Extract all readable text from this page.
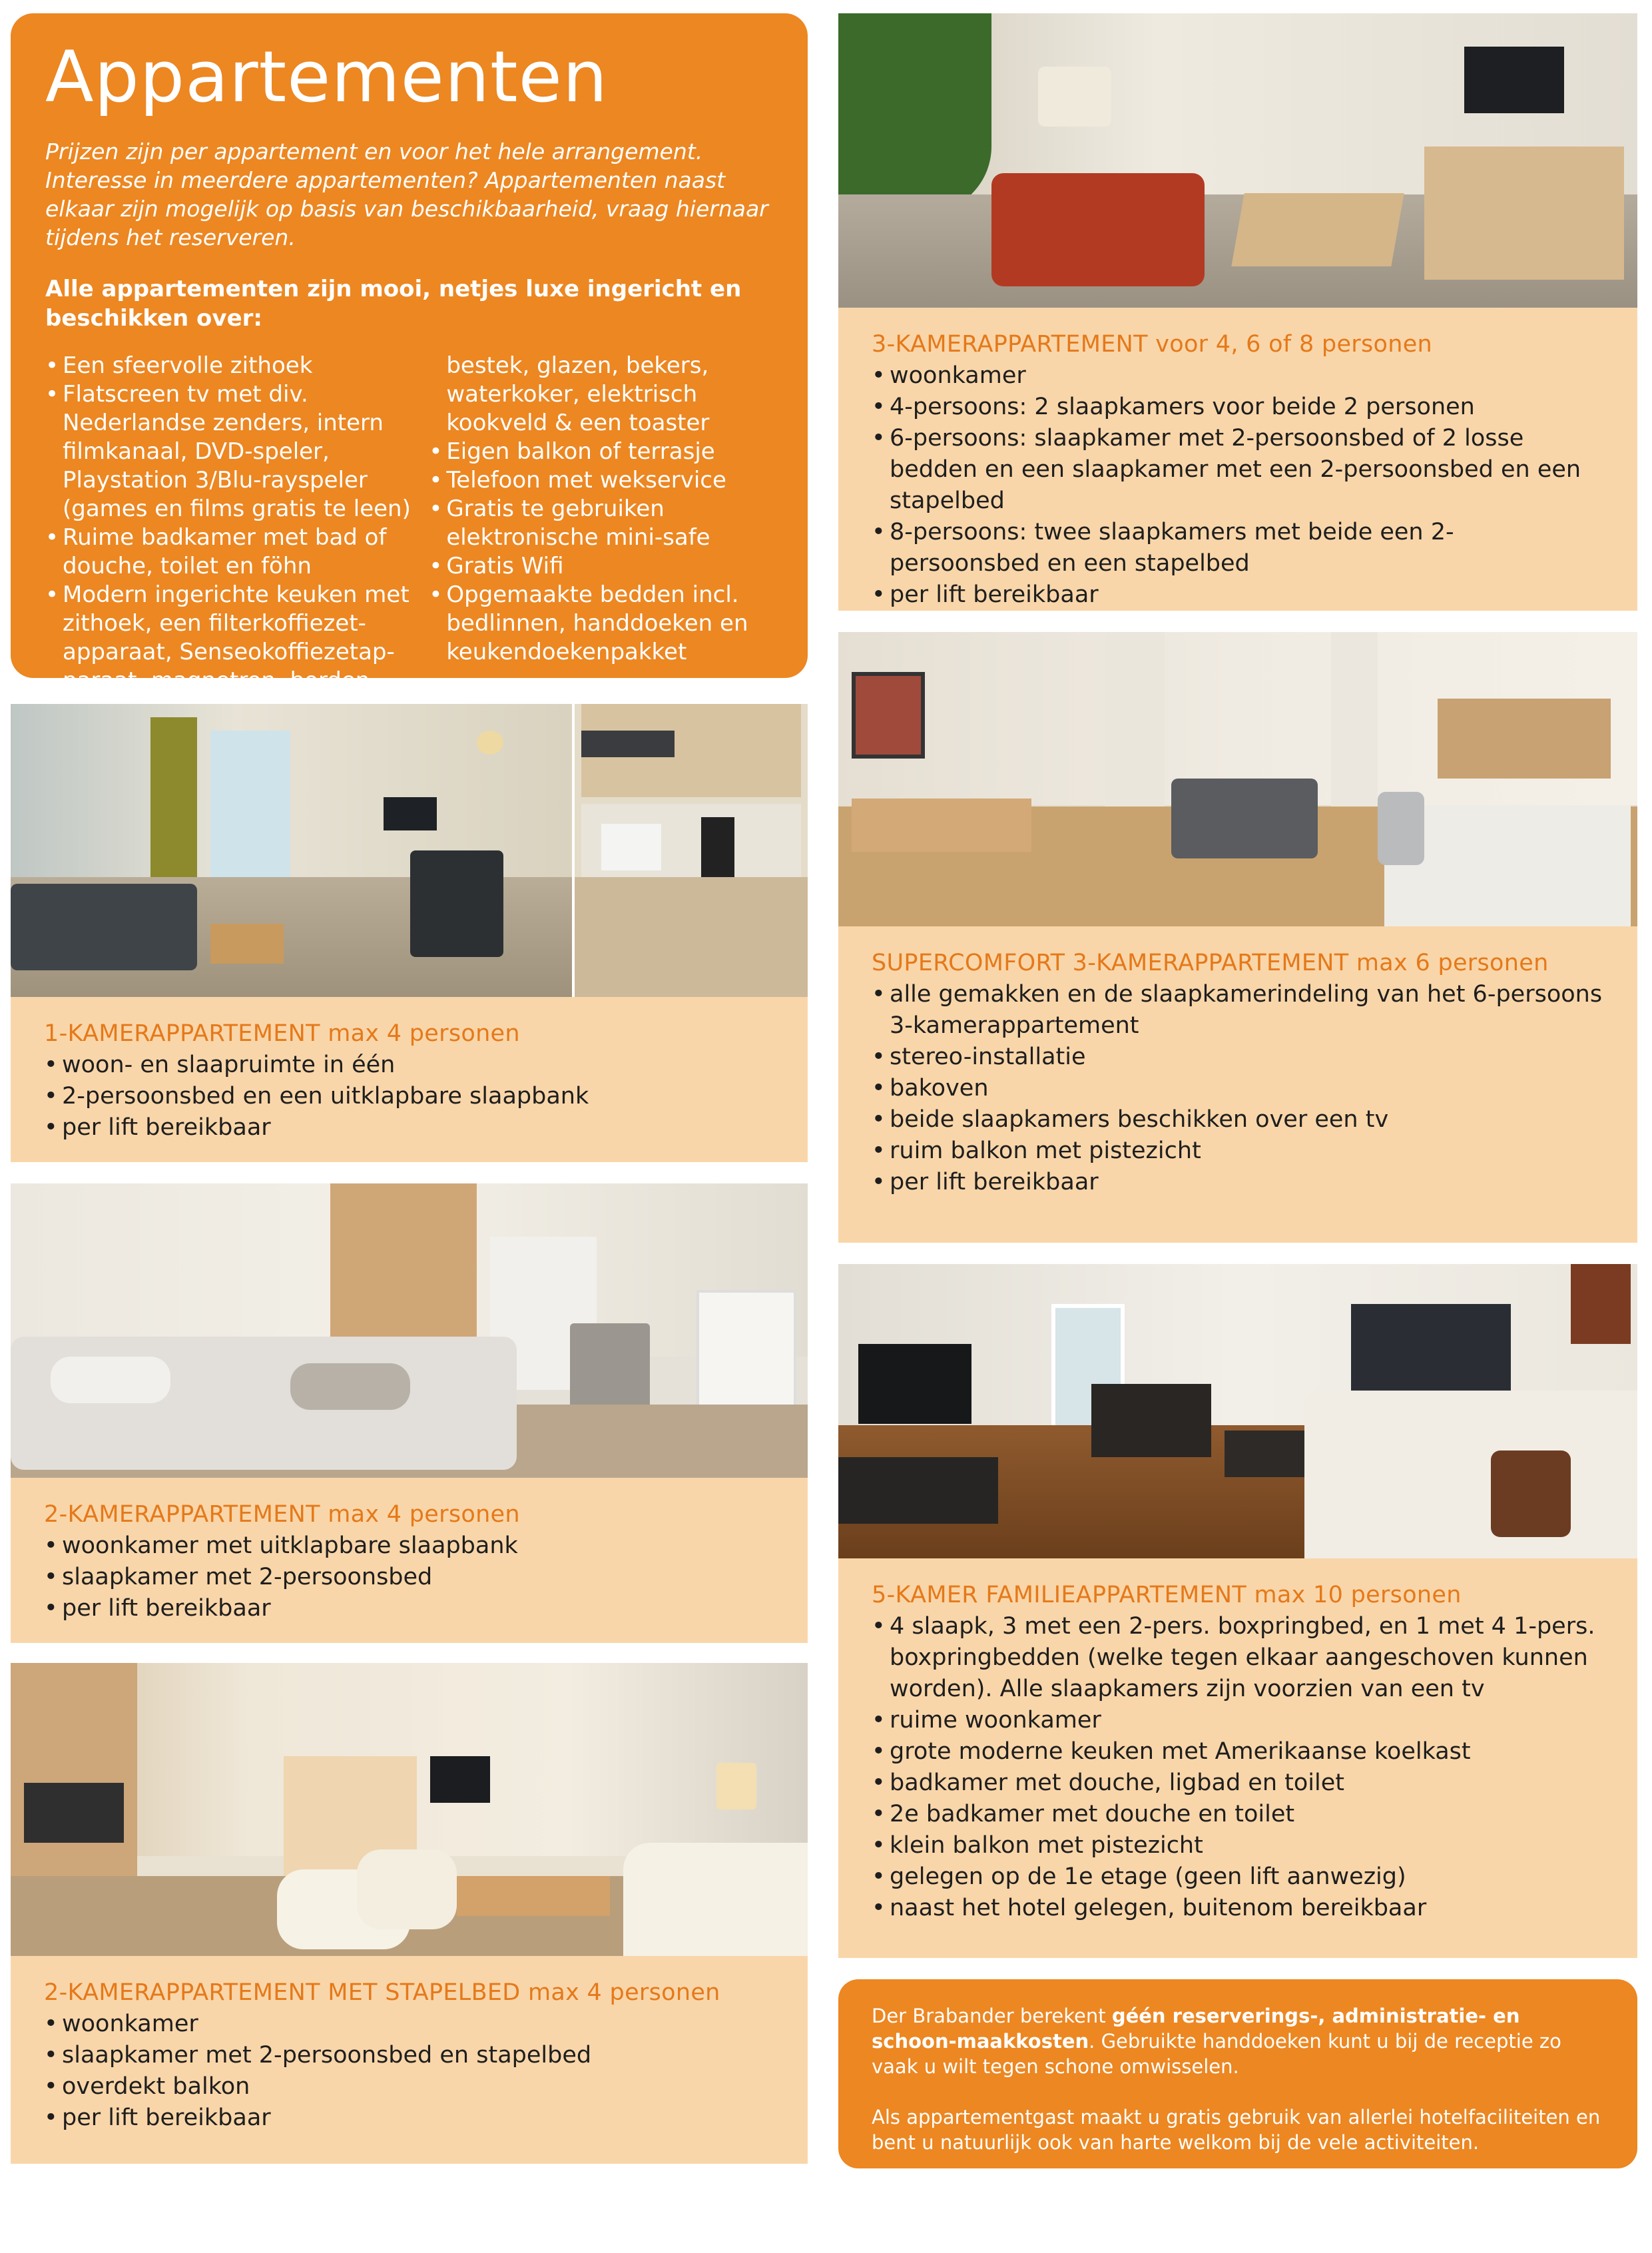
Appartementen

Prijzen zijn per appartement en voor het hele arrangement. Interesse in meerdere appartementen? Appartementen naast elkaar zijn mogelijk op basis van beschikbaarheid, vraag hiernaar tijdens het reserveren.

Alle appartementen zijn mooi, netjes luxe ingericht en beschikken over:

• Een sfeervolle zithoek
• Flatscreen tv met div. Nederlandse zenders, intern filmkanaal, DVD-speler, Playstation 3/Blu-rayspeler (games en films gratis te leen)
• Ruime badkamer met bad of douche, toilet en föhn
• Modern ingerichte keuken met zithoek, een filterkoffiezet-apparaat, Senseokoffiezetap-paraat, magnetron, borden,
bestek, glazen, bekers, waterkoker, elektrisch kookveld & een toaster
• Eigen balkon of terrasje
• Telefoon met wekservice
• Gratis te gebruiken elektronische mini-safe
• Gratis Wifi
• Opgemaakte bedden incl. bedlinnen, handdoeken en keukendoekenpakket

1-KAMERAPPARTEMENT max 4 personen

• woon- en slaapruimte in één
• 2-persoonsbed en een uitklapbare slaapbank
• per lift bereikbaar

2-KAMERAPPARTEMENT max 4 personen

• woonkamer met uitklapbare slaapbank
• slaapkamer met 2-persoonsbed
• per lift bereikbaar

2-KAMERAPPARTEMENT MET STAPELBED max 4 personen

• woonkamer
• slaapkamer met 2-persoonsbed en stapelbed
• overdekt balkon
• per lift bereikbaar

3-KAMERAPPARTEMENT voor 4, 6 of 8 personen

• woonkamer
• 4-persoons: 2 slaapkamers voor beide 2 personen
• 6-persoons: slaapkamer met 2-persoonsbed of 2 losse bedden en een slaapkamer met een 2-persoonsbed en een stapelbed
• 8-persoons: twee slaapkamers met beide een 2-persoonsbed en een stapelbed
• per lift bereikbaar

SUPERCOMFORT 3-KAMERAPPARTEMENT max 6 personen

• alle gemakken en de slaapkamerindeling van het 6-persoons 3-kamerappartement
• stereo-installatie
• bakoven
• beide slaapkamers beschikken over een tv
• ruim balkon met pistezicht
• per lift bereikbaar

5-KAMER FAMILIEAPPARTEMENT max 10 personen

• 4 slaapk, 3 met een 2-pers. boxpringbed, en 1 met 4 1-pers. boxpringbedden (welke tegen elkaar aangeschoven kunnen worden). Alle slaapkamers zijn voorzien van een tv
• ruime woonkamer
• grote moderne keuken met Amerikaanse koelkast
• badkamer met douche, ligbad en toilet
• 2e badkamer met douche en toilet
• klein balkon met pistezicht
• gelegen op de 1e etage (geen lift aanwezig)
• naast het hotel gelegen, buitenom bereikbaar

Der Brabander berekent géén reserverings-, administratie- en schoon-maakkosten. Gebruikte handdoeken kunt u bij de receptie zo vaak u wilt tegen schone omwisselen.

Als appartementgast maakt u gratis gebruik van allerlei hotelfaciliteiten en bent u natuurlijk ook van harte welkom bij de vele activiteiten.
